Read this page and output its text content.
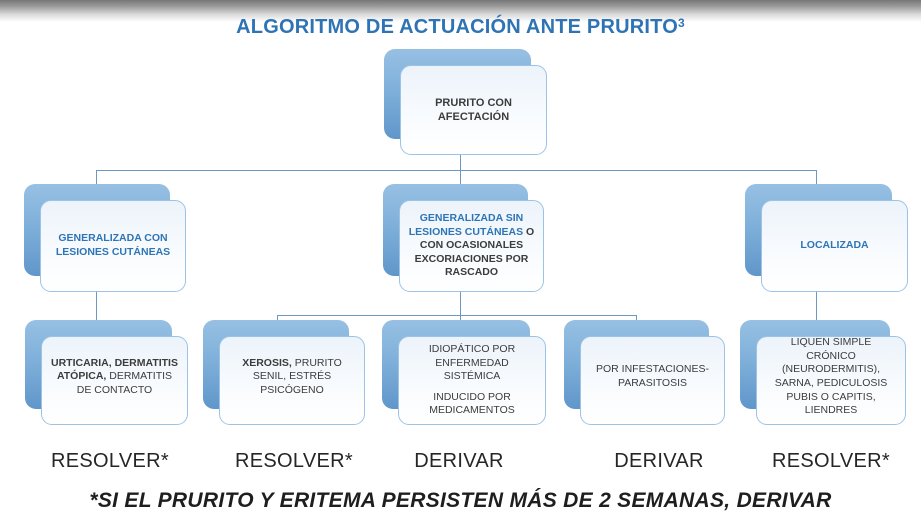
ALGORITMO DE ACTUACIÓN ANTE PRURITO$^3$
PRURITO CON AFECTACIÓN
GENERALIZADA CON LESIONES CUTÁNEAS
GENERALIZADA SIN LESIONES CUTÁNEAS O CON OCASIONALES EXCORIACIONES POR RASCADO
LOCALIZADA
URTICARIA, DERMATITIS ATÓPICA, DERMATITIS DE CONTACTO
XEROSIS, PRURITO SENIL, ESTRÉS PSICÓGENO
IDIOPÁTICO POR ENFERMEDAD SISTÉMICA
INDUCIDO POR MEDICAMENTOS
POR INFESTACIONES-PARASITOSIS
LIQUEN SIMPLE CRÓNICO (NEURODERMITIS), SARNA, PEDICULOSIS PUBIS O CAPITIS, LIENDRES
RESOLVER*	RESOLVER*	DERIVAR	DERIVAR	RESOLVER*
*SI EL PRURITO Y ERITEMA PERSISTEN MÁS DE 2 SEMANAS, DERIVAR
